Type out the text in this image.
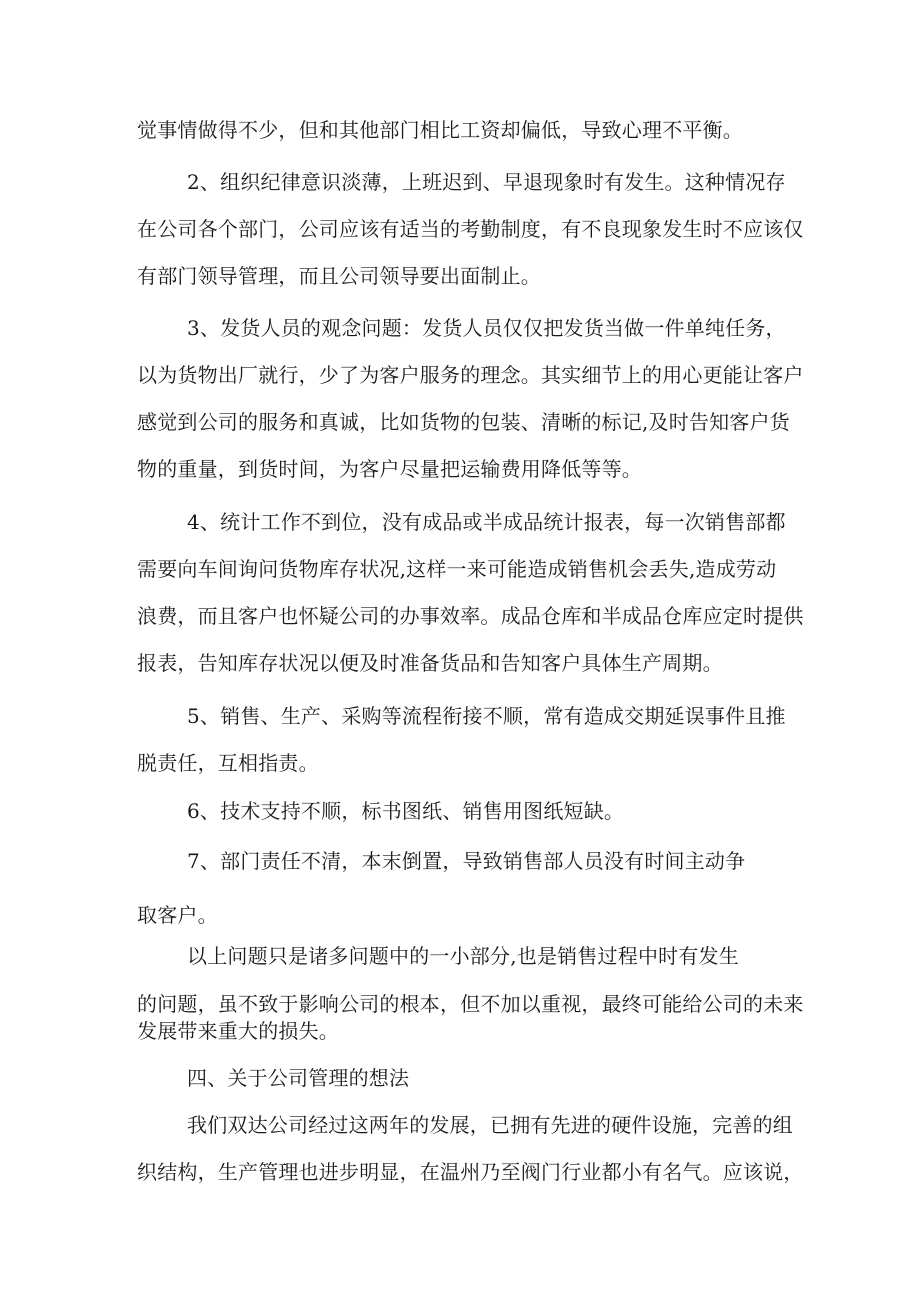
觉事情做得不少，但和其他部门相比工资却偏低，导致心理不平衡。
2、组织纪律意识淡薄，上班迟到、早退现象时有发生。这种情况存
在公司各个部门，公司应该有适当的考勤制度，有不良现象发生时不应该仅
有部门领导管理，而且公司领导要出面制止。
3、发货人员的观念问题：发货人员仅仅把发货当做一件单纯任务，
以为货物出厂就行，少了为客户服务的理念。其实细节上的用心更能让客户
感觉到公司的服务和真诚，比如货物的包装、清晰的标记,及时告知客户货
物的重量，到货时间，为客户尽量把运输费用降低等等。
4、统计工作不到位，没有成品或半成品统计报表，每一次销售部都
需要向车间询问货物库存状况,这样一来可能造成销售机会丢失,造成劳动
浪费，而且客户也怀疑公司的办事效率。成品仓库和半成品仓库应定时提供
报表，告知库存状况以便及时准备货品和告知客户具体生产周期。
5、销售、生产、采购等流程衔接不顺，常有造成交期延误事件且推
脱责任，互相指责。
6、技术支持不顺，标书图纸、销售用图纸短缺。
7、部门责任不清，本末倒置，导致销售部人员没有时间主动争
取客户。
以上问题只是诸多问题中的一小部分,也是销售过程中时有发生
的问题，虽不致于影响公司的根本，但不加以重视，最终可能给公司的未来
发展带来重大的损失。
四、关于公司管理的想法
我们双达公司经过这两年的发展，已拥有先进的硬件设施，完善的组
织结构，生产管理也进步明显，在温州乃至阀门行业都小有名气。应该说，
